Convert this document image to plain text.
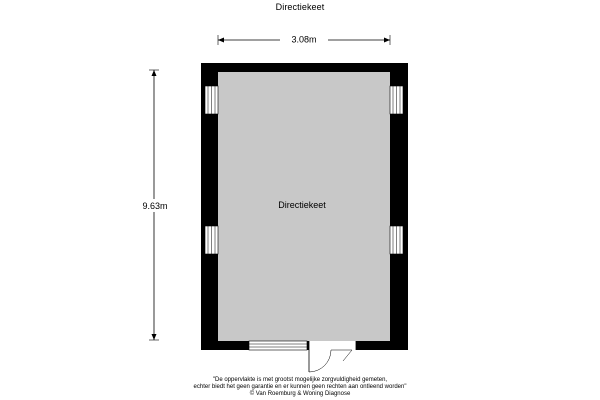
Directiekeet
3.08m
9.63m	Directiekeet
"De oppervlakte is met grootst mogelijke zorgvuldigheid gemeten,
echter biedt het geen garantie en er kunnen geen rechten aan ontleend worden"
© Van Roemburg & Woning Diagnose
